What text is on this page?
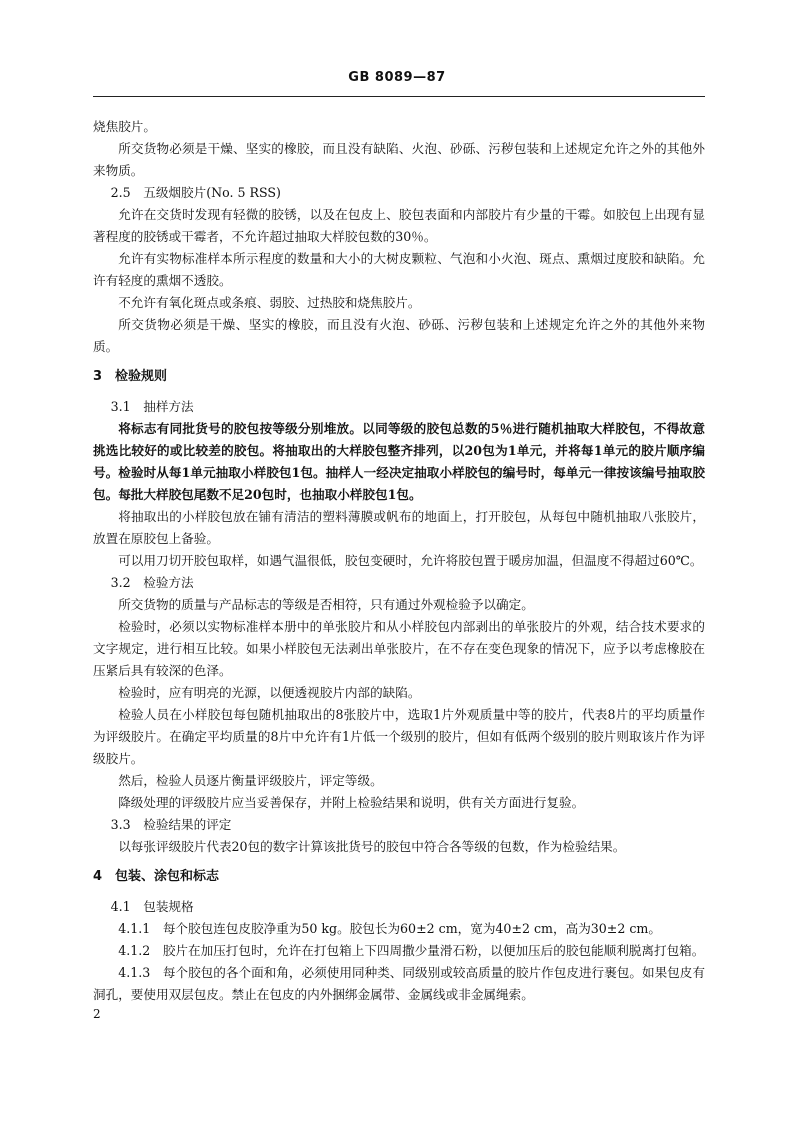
GB 8089—87

烧焦胶片。

所交货物必须是干燥、坚实的橡胶，而且没有缺陷、火泡、砂砾、污秽包装和上述规定允许之外的其他外来物质。

2.5　五级烟胶片(No. 5 RSS)

允许在交货时发现有轻微的胶锈，以及在包皮上、胶包表面和内部胶片有少量的干霉。如胶包上出现有显著程度的胶锈或干霉者，不允许超过抽取大样胶包数的30％。

允许有实物标准样本所示程度的数量和大小的大树皮颗粒、气泡和小火泡、斑点、熏烟过度胶和缺陷。允许有轻度的熏烟不透胶。

不允许有氧化斑点或条痕、弱胶、过热胶和烧焦胶片。

所交货物必须是干燥、坚实的橡胶，而且没有火泡、砂砾、污秽包装和上述规定允许之外的其他外来物质。

3　检验规则

3.1　抽样方法

将标志有同批货号的胶包按等级分别堆放。以同等级的胶包总数的5％进行随机抽取大样胶包，不得故意挑选比较好的或比较差的胶包。将抽取出的大样胶包整齐排列，以20包为1单元，并将每1单元的胶片顺序编号。检验时从每1单元抽取小样胶包1包。抽样人一经决定抽取小样胶包的编号时，每单元一律按该编号抽取胶包。每批大样胶包尾数不足20包时，也抽取小样胶包1包。

将抽取出的小样胶包放在铺有清洁的塑料薄膜或帆布的地面上，打开胶包，从每包中随机抽取八张胶片，放置在原胶包上备验。

可以用刀切开胶包取样，如遇气温很低，胶包变硬时，允许将胶包置于暖房加温，但温度不得超过60℃。

3.2　检验方法

所交货物的质量与产品标志的等级是否相符，只有通过外观检验予以确定。

检验时，必须以实物标准样本册中的单张胶片和从小样胶包内部剥出的单张胶片的外观，结合技术要求的文字规定，进行相互比较。如果小样胶包无法剥出单张胶片，在不存在变色现象的情况下，应予以考虑橡胶在压紧后具有较深的色泽。

检验时，应有明亮的光源，以便透视胶片内部的缺陷。

检验人员在小样胶包每包随机抽取出的8张胶片中，选取1片外观质量中等的胶片，代表8片的平均质量作为评级胶片。在确定平均质量的8片中允许有1片低一个级别的胶片，但如有低两个级别的胶片则取该片作为评级胶片。

然后，检验人员逐片衡量评级胶片，评定等级。

降级处理的评级胶片应当妥善保存，并附上检验结果和说明，供有关方面进行复验。

3.3　检验结果的评定

以每张评级胶片代表20包的数字计算该批货号的胶包中符合各等级的包数，作为检验结果。

4　包装、涂包和标志

4.1　包装规格

4.1.1　每个胶包连包皮胶净重为50 kg。胶包长为60±2 cm，宽为40±2 cm，高为30±2 cm。

4.1.2　胶片在加压打包时，允许在打包箱上下四周撒少量滑石粉，以便加压后的胶包能顺利脱离打包箱。

4.1.3　每个胶包的各个面和角，必须使用同种类、同级别或较高质量的胶片作包皮进行裹包。如果包皮有洞孔，要使用双层包皮。禁止在包皮的内外捆绑金属带、金属线或非金属绳索。

2
